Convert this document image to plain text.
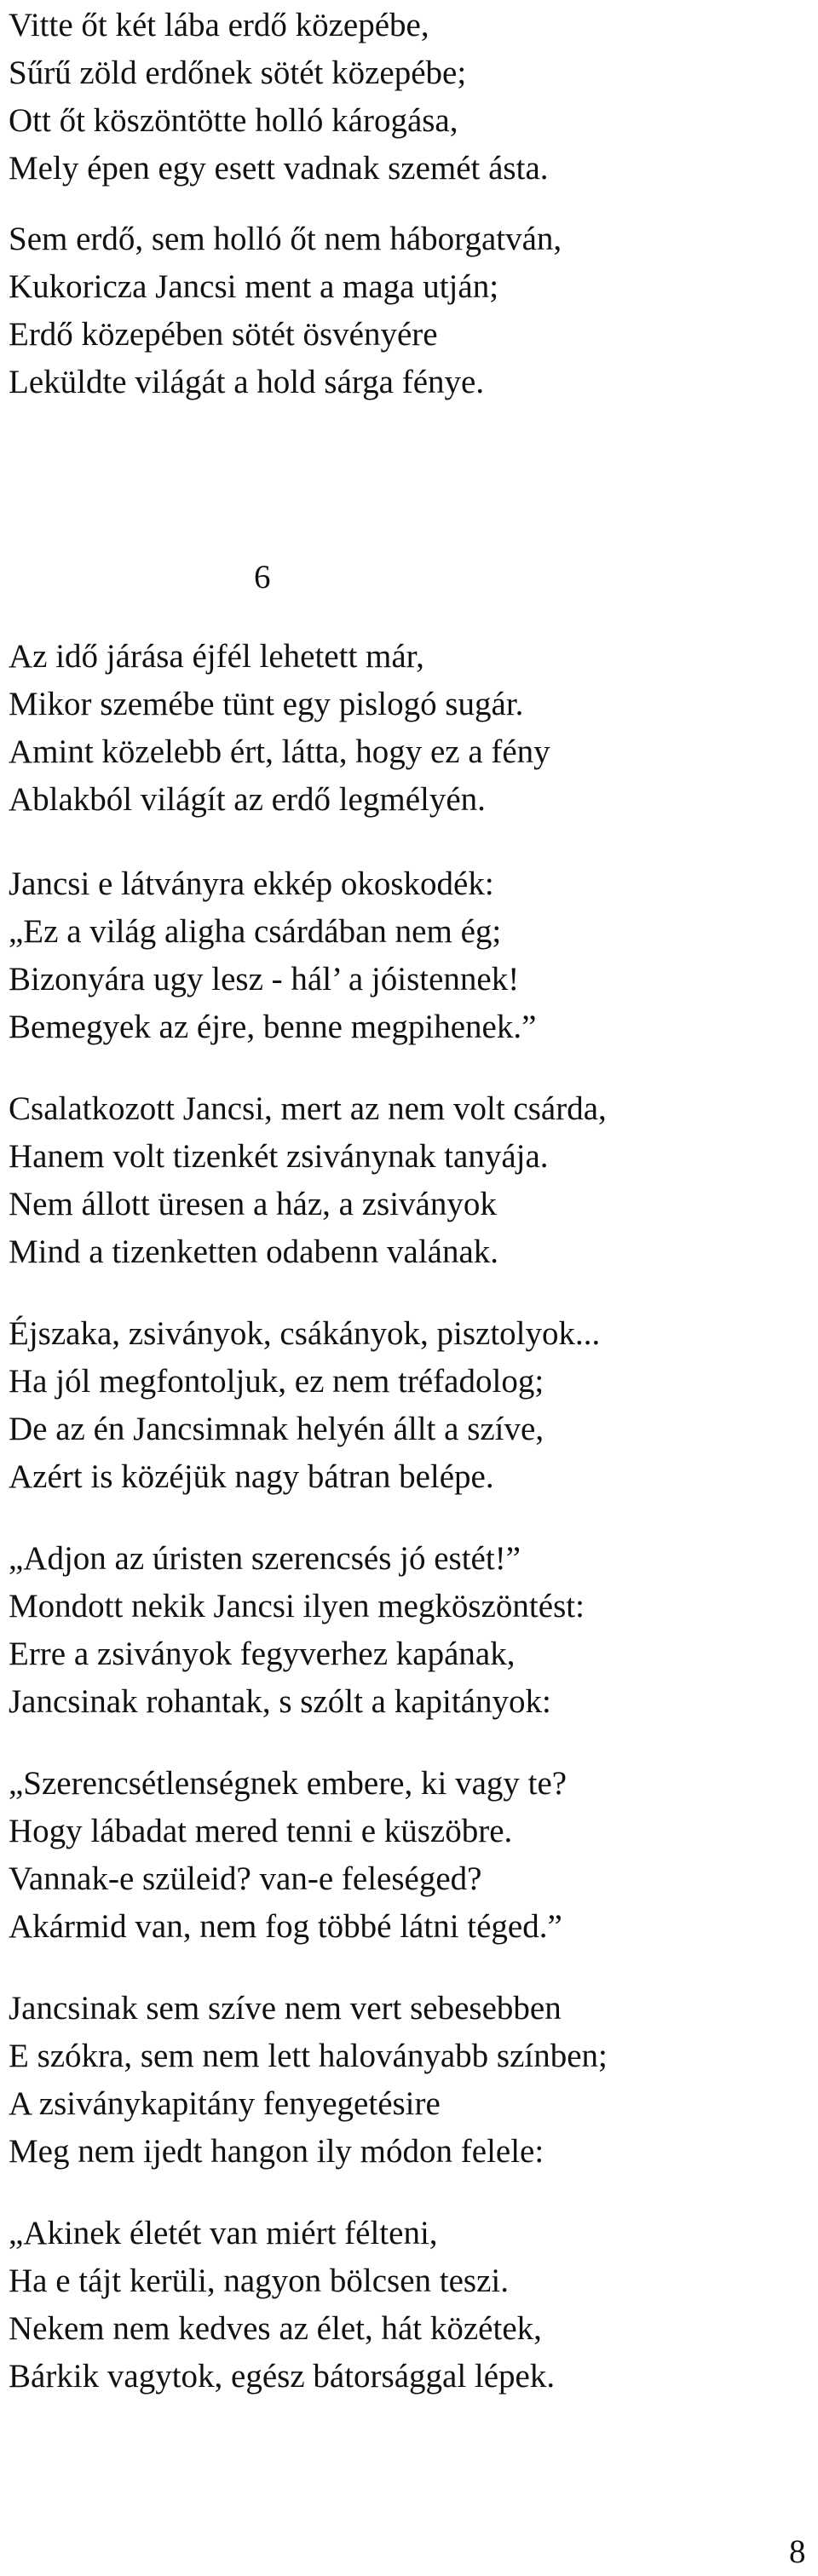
Vitte őt két lába erdő közepébe,
Sűrű zöld erdőnek sötét közepébe;
Ott őt köszöntötte holló károgása,
Mely épen egy esett vadnak szemét ásta.
Sem erdő, sem holló őt nem háborgatván,
Kukoricza Jancsi ment a maga utján;
Erdő közepében sötét ösvényére
Leküldte világát a hold sárga fénye.
6
Az idő járása éjfél lehetett már,
Mikor szemébe tünt egy pislogó sugár.
Amint közelebb ért, látta, hogy ez a fény
Ablakból világít az erdő legmélyén.
Jancsi e látványra ekkép okoskodék:
„Ez a világ aligha csárdában nem ég;
Bizonyára ugy lesz - hál’ a jóistennek!
Bemegyek az éjre, benne megpihenek.”
Csalatkozott Jancsi, mert az nem volt csárda,
Hanem volt tizenkét zsiványnak tanyája.
Nem állott üresen a ház, a zsiványok
Mind a tizenketten odabenn valának.
Éjszaka, zsiványok, csákányok, pisztolyok...
Ha jól megfontoljuk, ez nem tréfadolog;
De az én Jancsimnak helyén állt a szíve,
Azért is közéjük nagy bátran belépe.
„Adjon az úristen szerencsés jó estét!”
Mondott nekik Jancsi ilyen megköszöntést:
Erre a zsiványok fegyverhez kapának,
Jancsinak rohantak, s szólt a kapitányok:
„Szerencsétlenségnek embere, ki vagy te?
Hogy lábadat mered tenni e küszöbre.
Vannak-e szüleid? van-e feleséged?
Akármid van, nem fog többé látni téged.”
Jancsinak sem szíve nem vert sebesebben
E szókra, sem nem lett haloványabb színben;
A zsiványkapitány fenyegetésire
Meg nem ijedt hangon ily módon felele:
„Akinek életét van miért félteni,
Ha e tájt kerüli, nagyon bölcsen teszi.
Nekem nem kedves az élet, hát közétek,
Bárkik vagytok, egész bátorsággal lépek.
8
